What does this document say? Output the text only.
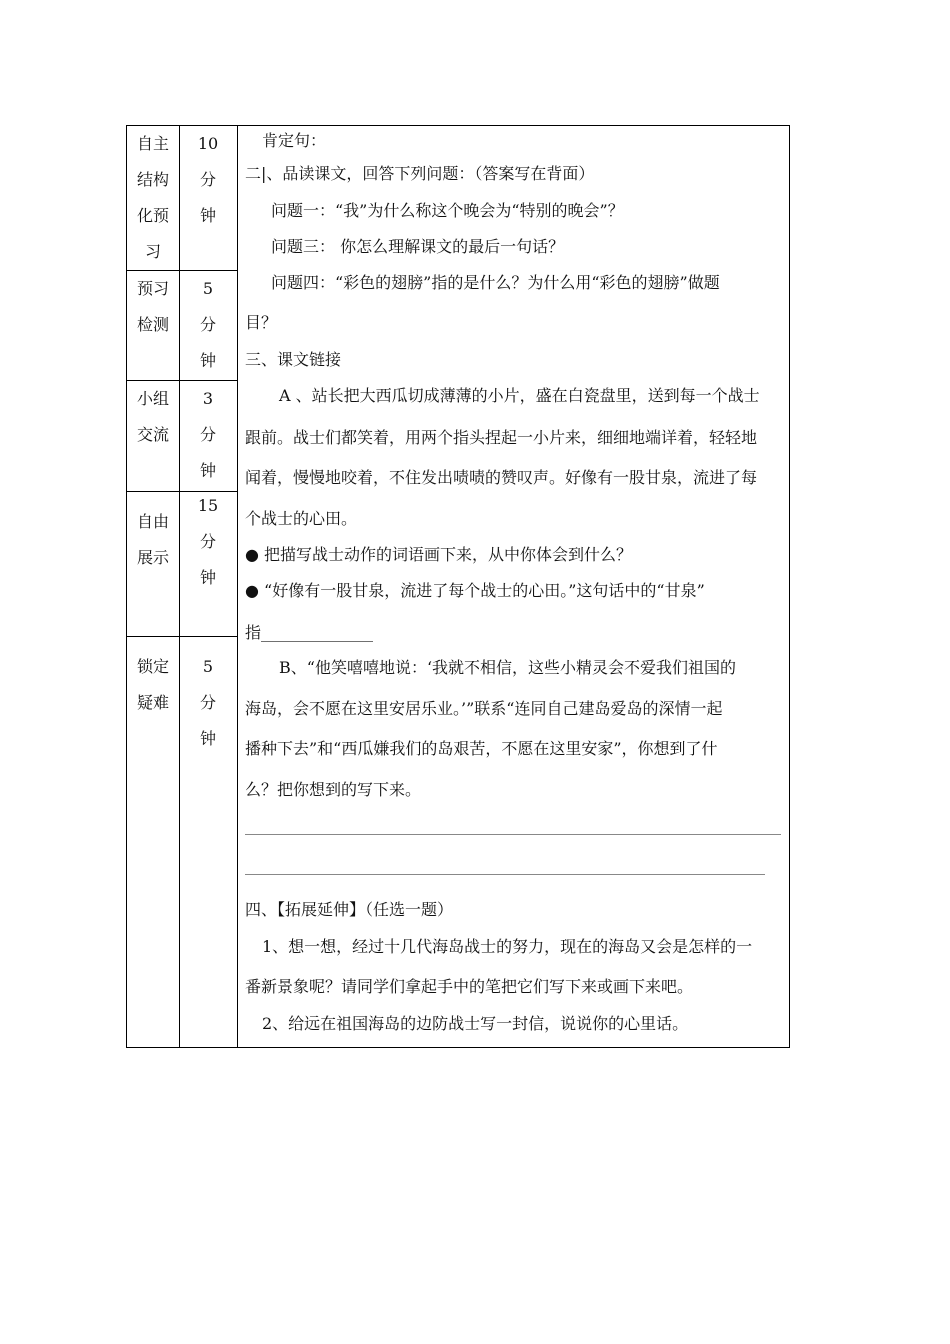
自主
结构
化预
习
10
分
钟
预习
检测
5
分
钟
小组
交流
3
分
钟
自由
展示
15
分
钟
锁定
疑难
5
分
钟
肯定句：
二|、品读课文，回答下列问题：（答案写在背面）
问题一：“我”为什么称这个晚会为“特别的晚会”？
问题三： 你怎么理解课文的最后一句话？
问题四：“彩色的翅膀”指的是什么？为什么用“彩色的翅膀”做题
目？
三、课文链接
A 、站长把大西瓜切成薄薄的小片，盛在白瓷盘里，送到每一个战士
跟前。战士们都笑着，用两个指头捏起一小片来，细细地端详着，轻轻地
闻着，慢慢地咬着，不住发出啧啧的赞叹声。好像有一股甘泉，流进了每
个战士的心田。
● 把描写战士动作的词语画下来，从中你体会到什么？
● “好像有一股甘泉，流进了每个战士的心田。”这句话中的“甘泉”
指______________
B、“他笑嘻嘻地说：‘我就不相信，这些小精灵会不爱我们祖国的
海岛，会不愿在这里安居乐业。’”联系“连同自己建岛爱岛的深情一起
播种下去”和“西瓜嫌我们的岛艰苦，不愿在这里安家”，你想到了什
么？把你想到的写下来。
四、【拓展延伸】（任选一题）
1、想一想，经过十几代海岛战士的努力，现在的海岛又会是怎样的一
番新景象呢？请同学们拿起手中的笔把它们写下来或画下来吧。
2、给远在祖国海岛的边防战士写一封信，说说你的心里话。
